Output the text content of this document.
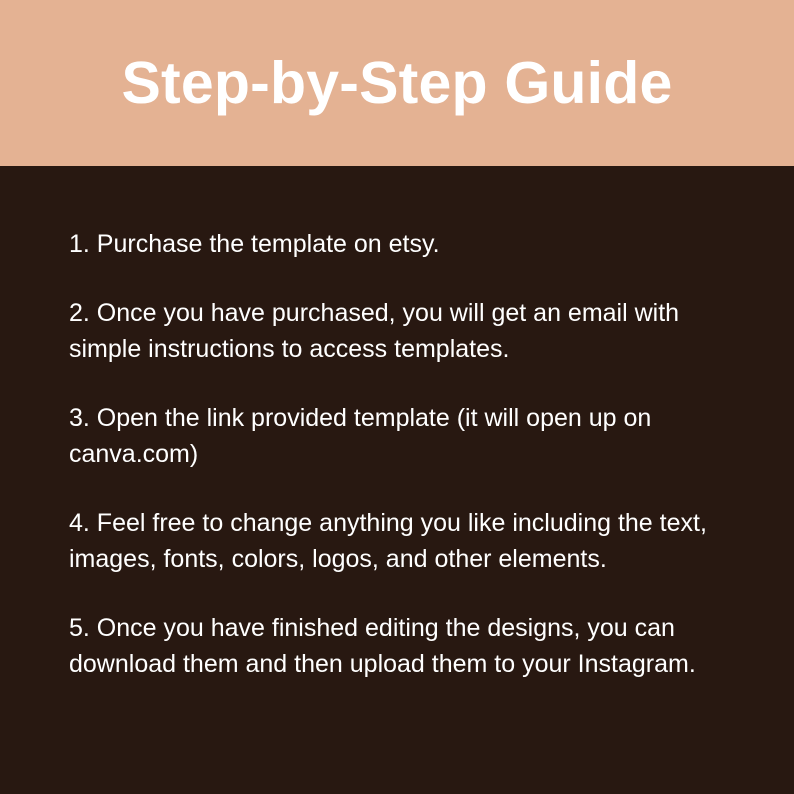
Step-by-Step Guide
1. Purchase the template on etsy.
2. Once you have purchased, you will get an email with simple instructions to access templates.
3. Open the link provided template (it will open up on canva.com)
4. Feel free to change anything you like including the text, images, fonts, colors, logos, and other elements.
5. Once you have finished editing the designs, you can download them and then upload them to your Instagram.
